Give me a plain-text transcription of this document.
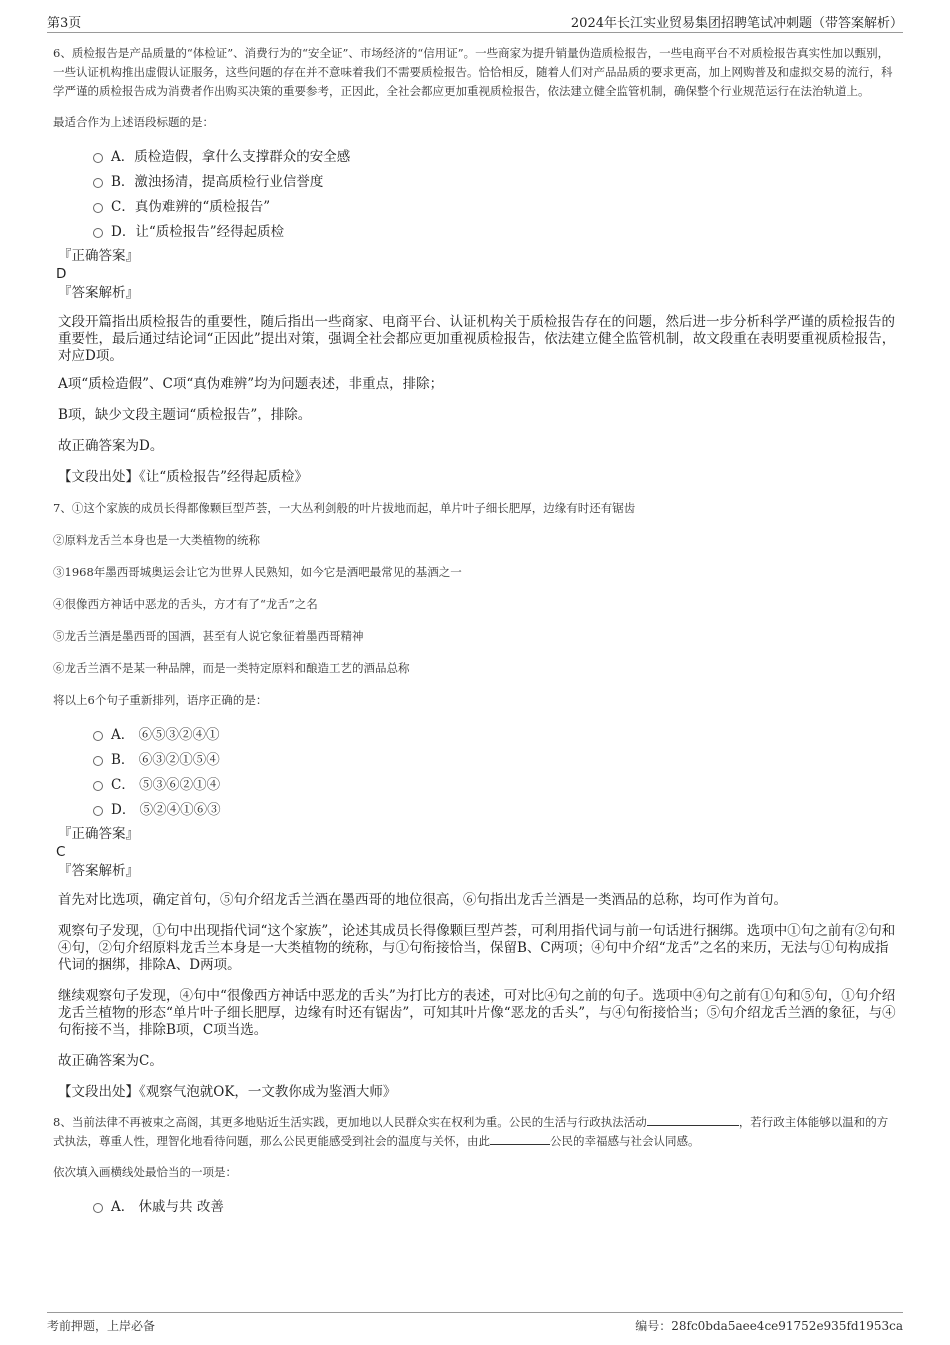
第3页	2024年长江实业贸易集团招聘笔试冲刺题（带答案解析）

6、质检报告是产品质量的“体检证”、消费行为的“安全证”、市场经济的“信用证”。一些商家为提升销量伪造质检报告，一些电商平台不对质检报告真实性加以甄别，一些认证机构推出虚假认证服务，这些问题的存在并不意味着我们不需要质检报告。恰恰相反，随着人们对产品品质的要求更高，加上网购普及和虚拟交易的流行，科学严谨的质检报告成为消费者作出购买决策的重要参考，正因此，全社会都应更加重视质检报告，依法建立健全监管机制，确保整个行业规范运行在法治轨道上。

最适合作为上述语段标题的是：

A．质检造假，拿什么支撑群众的安全感
B．激浊扬清，提高质检行业信誉度
C．真伪难辨的“质检报告”
D．让“质检报告”经得起质检

『正确答案』

D

『答案解析』

文段开篇指出质检报告的重要性，随后指出一些商家、电商平台、认证机构关于质检报告存在的问题，然后进一步分析科学严谨的质检报告的重要性，最后通过结论词“正因此”提出对策，强调全社会都应更加重视质检报告，依法建立健全监管机制，故文段重在表明要重视质检报告，对应D项。

A项“质检造假”、C项“真伪难辨”均为问题表述，非重点，排除；

B项，缺少文段主题词“质检报告”，排除。

故正确答案为D。

【文段出处】《让“质检报告”经得起质检》

7、①这个家族的成员长得都像颗巨型芦荟，一大丛利剑般的叶片拔地而起，单片叶子细长肥厚，边缘有时还有锯齿

②原料龙舌兰本身也是一大类植物的统称

③1968年墨西哥城奥运会让它为世界人民熟知，如今它是酒吧最常见的基酒之一

④很像西方神话中恶龙的舌头，方才有了“龙舌”之名

⑤龙舌兰酒是墨西哥的国酒，甚至有人说它象征着墨西哥精神

⑥龙舌兰酒不是某一种品牌，而是一类特定原料和酿造工艺的酒品总称

将以上6个句子重新排列，语序正确的是：

A． ⑥⑤③②④①
B． ⑥③②①⑤④
C． ⑤③⑥②①④
D． ⑤②④①⑥③

『正确答案』

C

『答案解析』

首先对比选项，确定首句，⑤句介绍龙舌兰酒在墨西哥的地位很高，⑥句指出龙舌兰酒是一类酒品的总称，均可作为首句。

观察句子发现，①句中出现指代词“这个家族”，论述其成员长得像颗巨型芦荟，可利用指代词与前一句话进行捆绑。选项中①句之前有②句和④句，②句介绍原料龙舌兰本身是一大类植物的统称，与①句衔接恰当，保留B、C两项；④句中介绍“龙舌”之名的来历，无法与①句构成指代词的捆绑，排除A、D两项。

继续观察句子发现，④句中“很像西方神话中恶龙的舌头”为打比方的表述，可对比④句之前的句子。选项中④句之前有①句和⑤句，①句介绍龙舌兰植物的形态“单片叶子细长肥厚，边缘有时还有锯齿”，可知其叶片像“恶龙的舌头”，与④句衔接恰当；⑤句介绍龙舌兰酒的象征，与④句衔接不当，排除B项，C项当选。

故正确答案为C。

【文段出处】《观察气泡就OK，一文教你成为鉴酒大师》

8、当前法律不再被束之高阁，其更多地贴近生活实践，更加地以人民群众实在权利为重。公民的生活与行政执法活动	，若行政主体能够以温和的方式执法，尊重人性，理智化地看待问题，那么公民更能感受到社会的温度与关怀，由此	公民的幸福感与社会认同感。

依次填入画横线处最恰当的一项是：

A． 休戚与共 改善
考前押题，上岸必备	编号：28fc0bda5aee4ce91752e935fd1953ca
